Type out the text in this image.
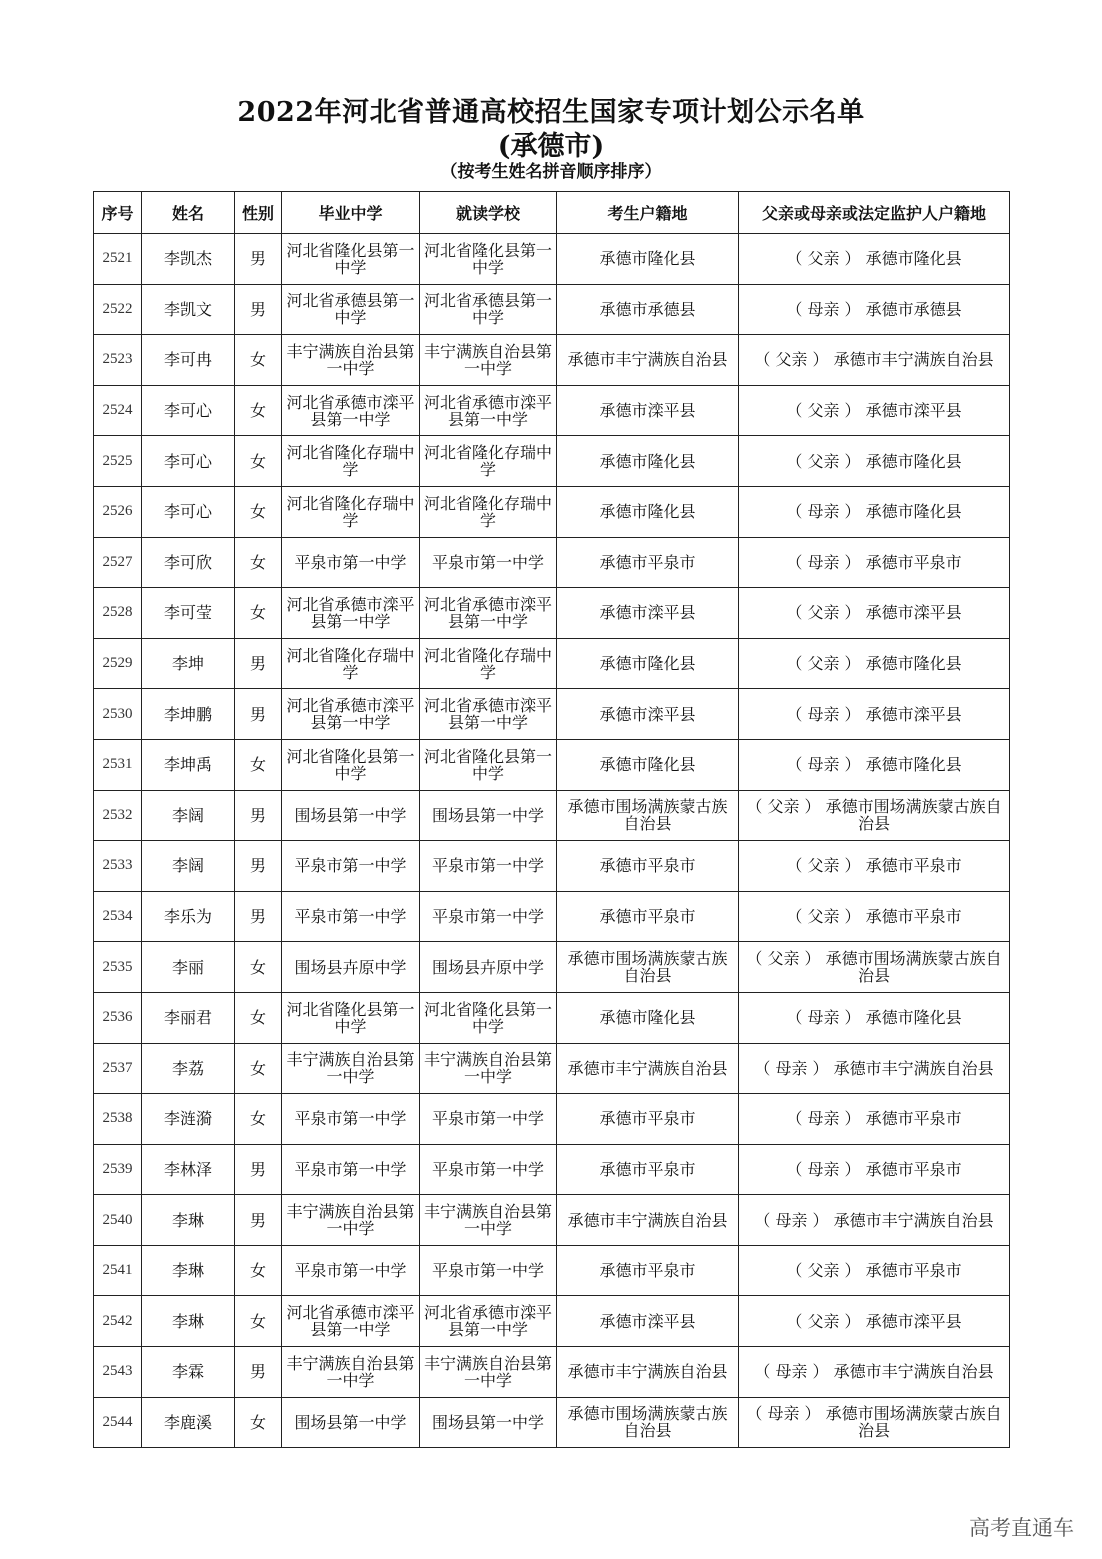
2022年河北省普通高校招生国家专项计划公示名单
(承德市)
（按考生姓名拼音顺序排序）
序号	姓名	性别	毕业中学	就读学校	考生户籍地	父亲或母亲或法定监护人户籍地
2521	李凯杰	男	河北省隆化县第一中学	河北省隆化县第一中学	承德市隆化县	（ 父亲 ） 承德市隆化县
2522	李凯文	男	河北省承德县第一中学	河北省承德县第一中学	承德市承德县	（ 母亲 ） 承德市承德县
2523	李可冉	女	丰宁满族自治县第一中学	丰宁满族自治县第一中学	承德市丰宁满族自治县	（ 父亲 ） 承德市丰宁满族自治县
2524	李可心	女	河北省承德市滦平县第一中学	河北省承德市滦平县第一中学	承德市滦平县	（ 父亲 ） 承德市滦平县
2525	李可心	女	河北省隆化存瑞中学	河北省隆化存瑞中学	承德市隆化县	（ 父亲 ） 承德市隆化县
2526	李可心	女	河北省隆化存瑞中学	河北省隆化存瑞中学	承德市隆化县	（ 母亲 ） 承德市隆化县
2527	李可欣	女	平泉市第一中学	平泉市第一中学	承德市平泉市	（ 母亲 ） 承德市平泉市
2528	李可莹	女	河北省承德市滦平县第一中学	河北省承德市滦平县第一中学	承德市滦平县	（ 父亲 ） 承德市滦平县
2529	李坤	男	河北省隆化存瑞中学	河北省隆化存瑞中学	承德市隆化县	（ 父亲 ） 承德市隆化县
2530	李坤鹏	男	河北省承德市滦平县第一中学	河北省承德市滦平县第一中学	承德市滦平县	（ 母亲 ） 承德市滦平县
2531	李坤禹	女	河北省隆化县第一中学	河北省隆化县第一中学	承德市隆化县	（ 母亲 ） 承德市隆化县
2532	李阔	男	围场县第一中学	围场县第一中学	承德市围场满族蒙古族自治县	（ 父亲 ） 承德市围场满族蒙古族自治县
2533	李阔	男	平泉市第一中学	平泉市第一中学	承德市平泉市	（ 父亲 ） 承德市平泉市
2534	李乐为	男	平泉市第一中学	平泉市第一中学	承德市平泉市	（ 父亲 ） 承德市平泉市
2535	李丽	女	围场县卉原中学	围场县卉原中学	承德市围场满族蒙古族自治县	（ 父亲 ） 承德市围场满族蒙古族自治县
2536	李丽君	女	河北省隆化县第一中学	河北省隆化县第一中学	承德市隆化县	（ 母亲 ） 承德市隆化县
2537	李荔	女	丰宁满族自治县第一中学	丰宁满族自治县第一中学	承德市丰宁满族自治县	（ 母亲 ） 承德市丰宁满族自治县
2538	李涟漪	女	平泉市第一中学	平泉市第一中学	承德市平泉市	（ 母亲 ） 承德市平泉市
2539	李林泽	男	平泉市第一中学	平泉市第一中学	承德市平泉市	（ 母亲 ） 承德市平泉市
2540	李琳	男	丰宁满族自治县第一中学	丰宁满族自治县第一中学	承德市丰宁满族自治县	（ 母亲 ） 承德市丰宁满族自治县
2541	李琳	女	平泉市第一中学	平泉市第一中学	承德市平泉市	（ 父亲 ） 承德市平泉市
2542	李琳	女	河北省承德市滦平县第一中学	河北省承德市滦平县第一中学	承德市滦平县	（ 父亲 ） 承德市滦平县
2543	李霖	男	丰宁满族自治县第一中学	丰宁满族自治县第一中学	承德市丰宁满族自治县	（ 母亲 ） 承德市丰宁满族自治县
2544	李鹿溪	女	围场县第一中学	围场县第一中学	承德市围场满族蒙古族自治县	（ 母亲 ） 承德市围场满族蒙古族自治县
高考直通车
